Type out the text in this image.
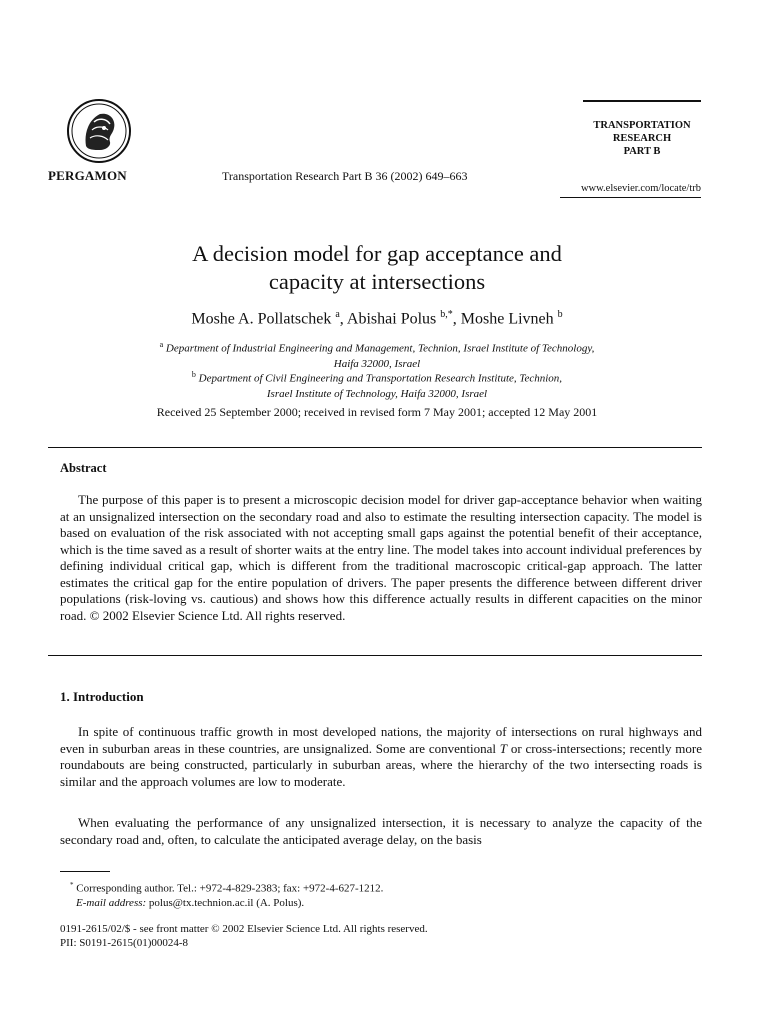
PERGAMON	Transportation Research Part B 36 (2002) 649–663
TRANSPORTATION
RESEARCH
PART B
www.elsevier.com/locate/trb
A decision model for gap acceptance and
capacity at intersections
Moshe A. Pollatschek $^a$, Abishai Polus $^{b,*}$, Moshe Livneh $^b$
$^a$ Department of Industrial Engineering and Management, Technion, Israel Institute of Technology,
Haifa 32000, Israel
$^b$ Department of Civil Engineering and Transportation Research Institute, Technion,
Israel Institute of Technology, Haifa 32000, Israel
Received 25 September 2000; received in revised form 7 May 2001; accepted 12 May 2001
Abstract

The purpose of this paper is to present a microscopic decision model for driver gap-acceptance behavior when waiting at an unsignalized intersection on the secondary road and also to estimate the resulting intersection capacity. The model is based on evaluation of the risk associated with not accepting small gaps against the potential benefit of their acceptance, which is the time saved as a result of shorter waits at the entry line. The model takes into account individual preferences by defining individual critical gap, which is different from the traditional macroscopic critical-gap approach. The latter estimates the critical gap for the entire population of drivers. The paper presents the difference between different driver populations (risk-loving vs. cautious) and shows how this difference actually results in different capacities on the minor road. © 2002 Elsevier Science Ltd. All rights reserved.

1. Introduction

In spite of continuous traffic growth in most developed nations, the majority of intersections on rural highways and even in suburban areas in these countries, are unsignalized. Some are conventional T or cross-intersections; recently more roundabouts are being constructed, particularly in suburban areas, where the hierarchy of the two intersecting roads is similar and the approach volumes are low to moderate.

When evaluating the performance of any unsignalized intersection, it is necessary to analyze the capacity of the secondary road and, often, to calculate the anticipated average delay, on the basis

* Corresponding author. Tel.: +972-4-829-2383; fax: +972-4-627-1212.
E-mail address: polus@tx.technion.ac.il (A. Polus).
0191-2615/02/$ - see front matter © 2002 Elsevier Science Ltd. All rights reserved.
PII: S0191-2615(01)00024-8
